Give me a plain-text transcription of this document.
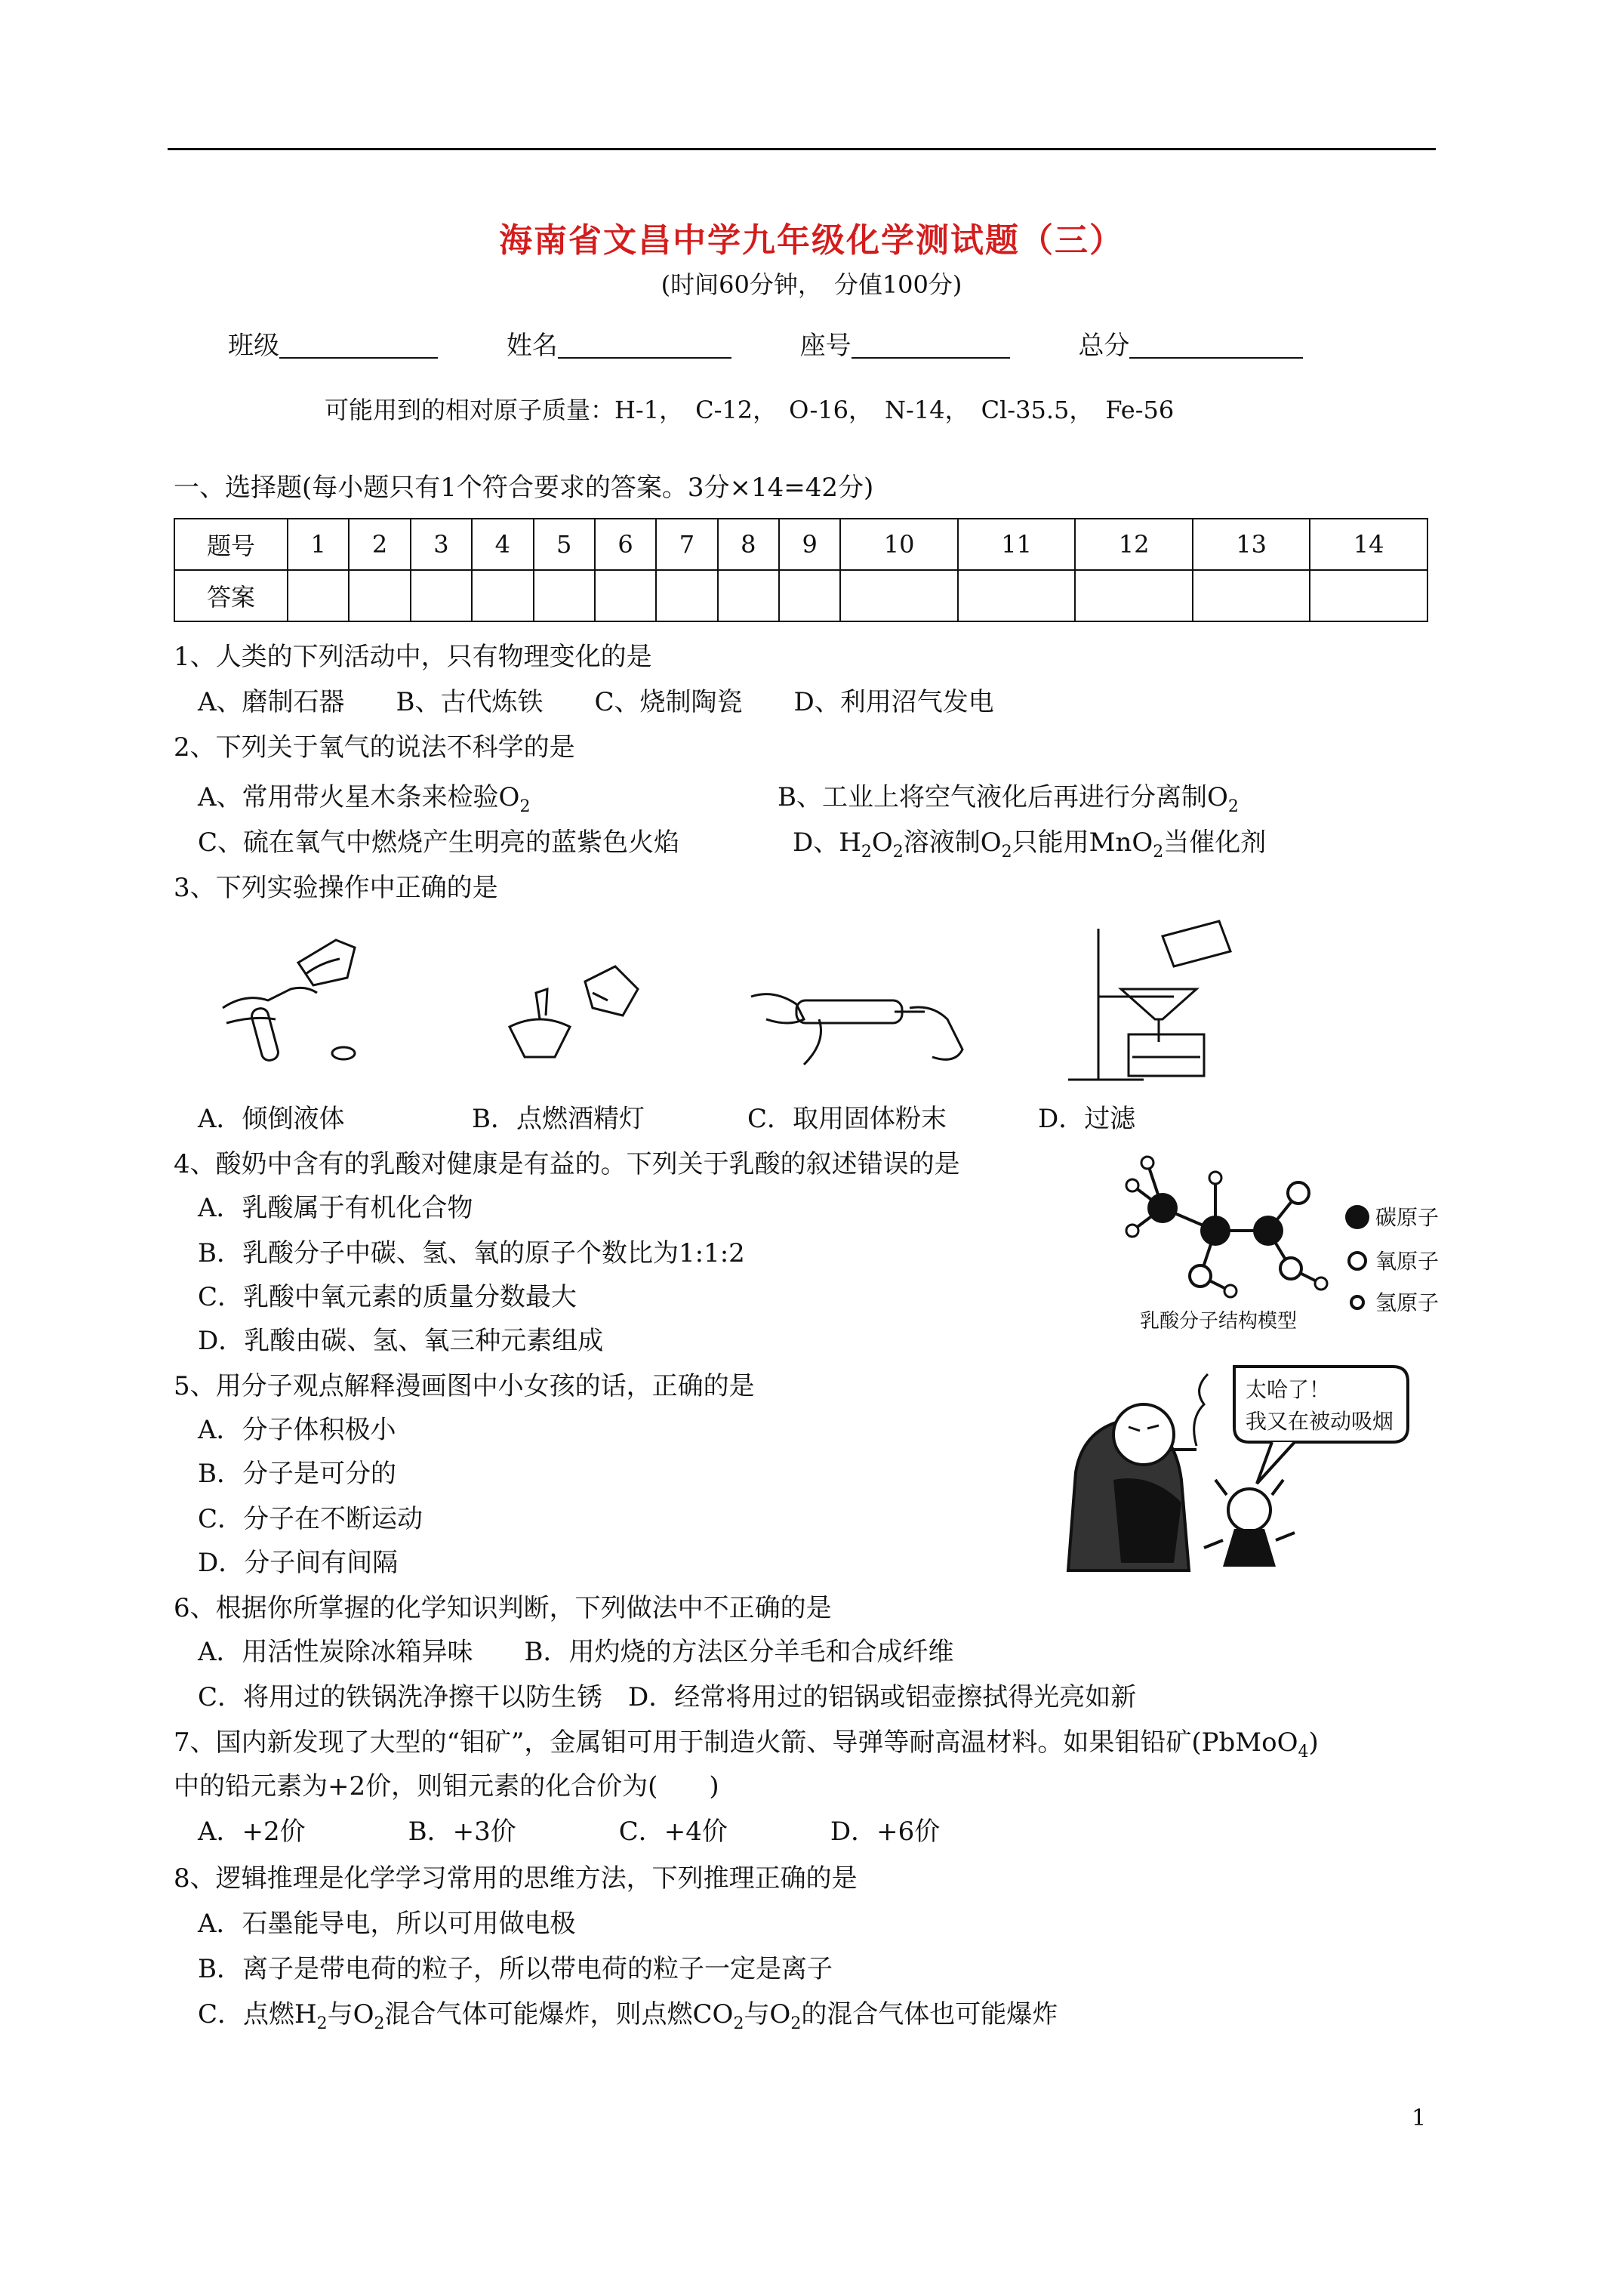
海南省文昌中学九年级化学测试题（三）
(时间60分钟，　分值100分)
班级	姓名	座号	总分
可能用到的相对原子质量：H-1，　C-12，　O-16，　N-14，　Cl-35.5，　Fe-56
一、选择题(每小题只有1个符合要求的答案。3分×14=42分)
题号	1	2	3	4	5	6	7	8	9	10	11	12	13	14
答案														
1、人类的下列活动中，只有物理变化的是
A、磨制石器　　B、古代炼铁　　C、烧制陶瓷　　D、利用沼气发电
2、下列关于氧气的说法不科学的是
A、常用带火星木条来检验$O_2$	B、工业上将空气液化后再进行分离制$O_2$
C、硫在氧气中燃烧产生明亮的蓝紫色火焰	D、$H_2O_2$溶液制$O_2$只能用MnO$_2$当催化剂
3、下列实验操作中正确的是
A．倾倒液体	B．点燃酒精灯	C．取用固体粉末	D．过滤
4、酸奶中含有的乳酸对健康是有益的。下列关于乳酸的叙述错误的是
A．乳酸属于有机化合物
B．乳酸分子中碳、氢、氧的原子个数比为1:1:2
C．乳酸中氧元素的质量分数最大
D．乳酸由碳、氢、氧三种元素组成
碳原子
氧原子
氢原子
乳酸分子结构模型
5、用分子观点解释漫画图中小女孩的话，正确的是
A．分子体积极小
B．分子是可分的
C．分子在不断运动
D．分子间有间隔
太哈了！
我又在被动吸烟
6、根据你所掌握的化学知识判断，下列做法中不正确的是
A．用活性炭除冰箱异味　　B．用灼烧的方法区分羊毛和合成纤维
C．将用过的铁锅洗净擦干以防生锈　D．经常将用过的铝锅或铝壶擦拭得光亮如新
7、国内新发现了大型的“钼矿”，金属钼可用于制造火箭、导弹等耐高温材料。如果钼铅矿(PbMoO$_4$)
中的铅元素为+2价，则钼元素的化合价为(　　)
A．+2价　　　　B．+3价　　　　C．+4价　　　　D．+6价
8、逻辑推理是化学学习常用的思维方法，下列推理正确的是
A．石墨能导电，所以可用做电极
B．离子是带电荷的粒子，所以带电荷的粒子一定是离子
C．点燃$H_2$与$O_2$混合气体可能爆炸，则点燃$CO_2$与$O_2$的混合气体也可能爆炸
1
